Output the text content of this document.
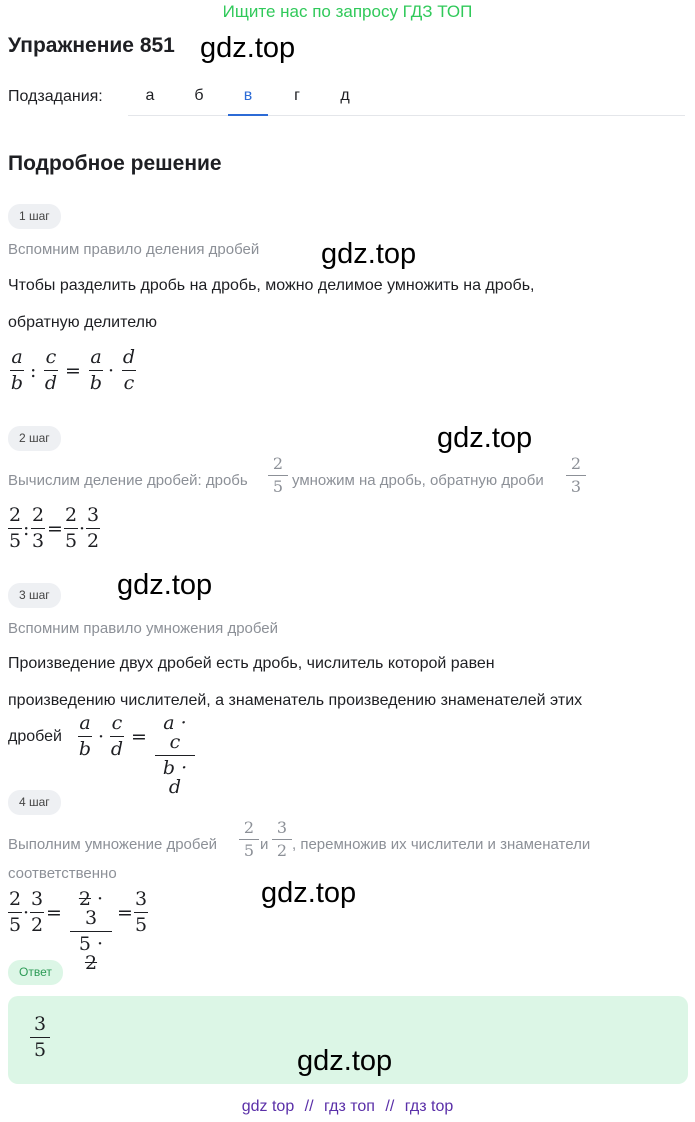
Ищите нас по запросу ГДЗ ТОП
Упражнение 851 gdz.top
Подзадания:	а	б	в	г	д
Подробное решение
1 шаг
Вспомним правило деления дробей gdz.top
Чтобы разделить дробь на дробь, можно делимое умножить на дробь,
обратную делителю
a
b
:
c
d
=
a
b
·
d
c
2 шаг	gdz.top
Вычислим деление дробей: дробь
2
5 умножим на дробь, обратную дроби
2
3
2
5
:
2
3
=
2
5
·
3
2
3 шаг	gdz.top
Вспомним правило умножения дробей
Произведение двух дробей есть дробь, числитель которой равен
произведению числителей, а знаменатель произведению знаменателей этих
дробей
a
b
·
c
d
=
a · c
b · d
4 шаг
Выполним умножение дробей
2
5 и
3
2 , перемножив их числители и знаменатели
соответственно
gdz.top
2
5
·
3
2
=
2 · 3
5 · 2
=
3
5
Ответ
3
5	gdz.top
gdz top // гдз топ // гдз top
